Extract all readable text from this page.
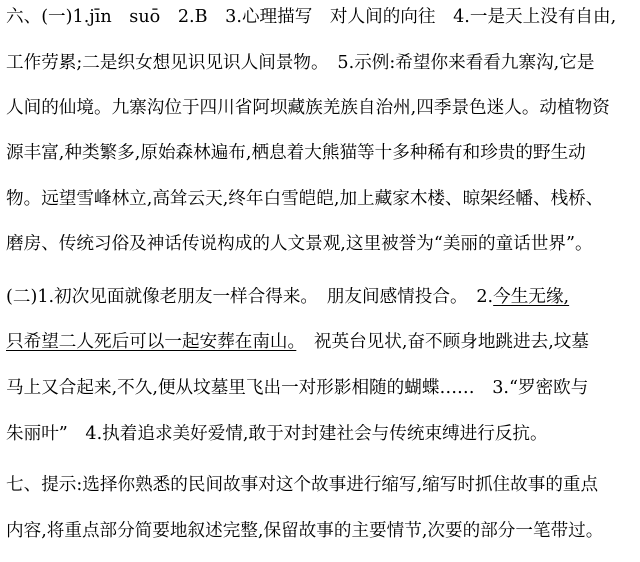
六、(一)1.jīn　suō　2.B　3.心理描写　对人间的向往　4.一是天上没有自由,
工作劳累;二是织女想见识见识人间景物。　5.示例:希望你来看看九寨沟,它是
人间的仙境。九寨沟位于四川省阿坝藏族羌族自治州,四季景色迷人。动植物资
源丰富,种类繁多,原始森林遍布,栖息着大熊猫等十多种稀有和珍贵的野生动
物。远望雪峰林立,高耸云天,终年白雪皑皑,加上藏家木楼、晾架经幡、栈桥、
磨房、传统习俗及神话传说构成的人文景观,这里被誉为“美丽的童话世界”。
(二)1.初次见面就像老朋友一样合得来。　朋友间感情投合。　2.今生无缘,
只希望二人死后可以一起安葬在南山。　祝英台见状,奋不顾身地跳进去,坟墓
马上又合起来,不久,便从坟墓里飞出一对形影相随的蝴蝶……　3.“罗密欧与
朱丽叶”　4.执着追求美好爱情,敢于对封建社会与传统束缚进行反抗。
七、提示:选择你熟悉的民间故事对这个故事进行缩写,缩写时抓住故事的重点
内容,将重点部分简要地叙述完整,保留故事的主要情节,次要的部分一笔带过。
